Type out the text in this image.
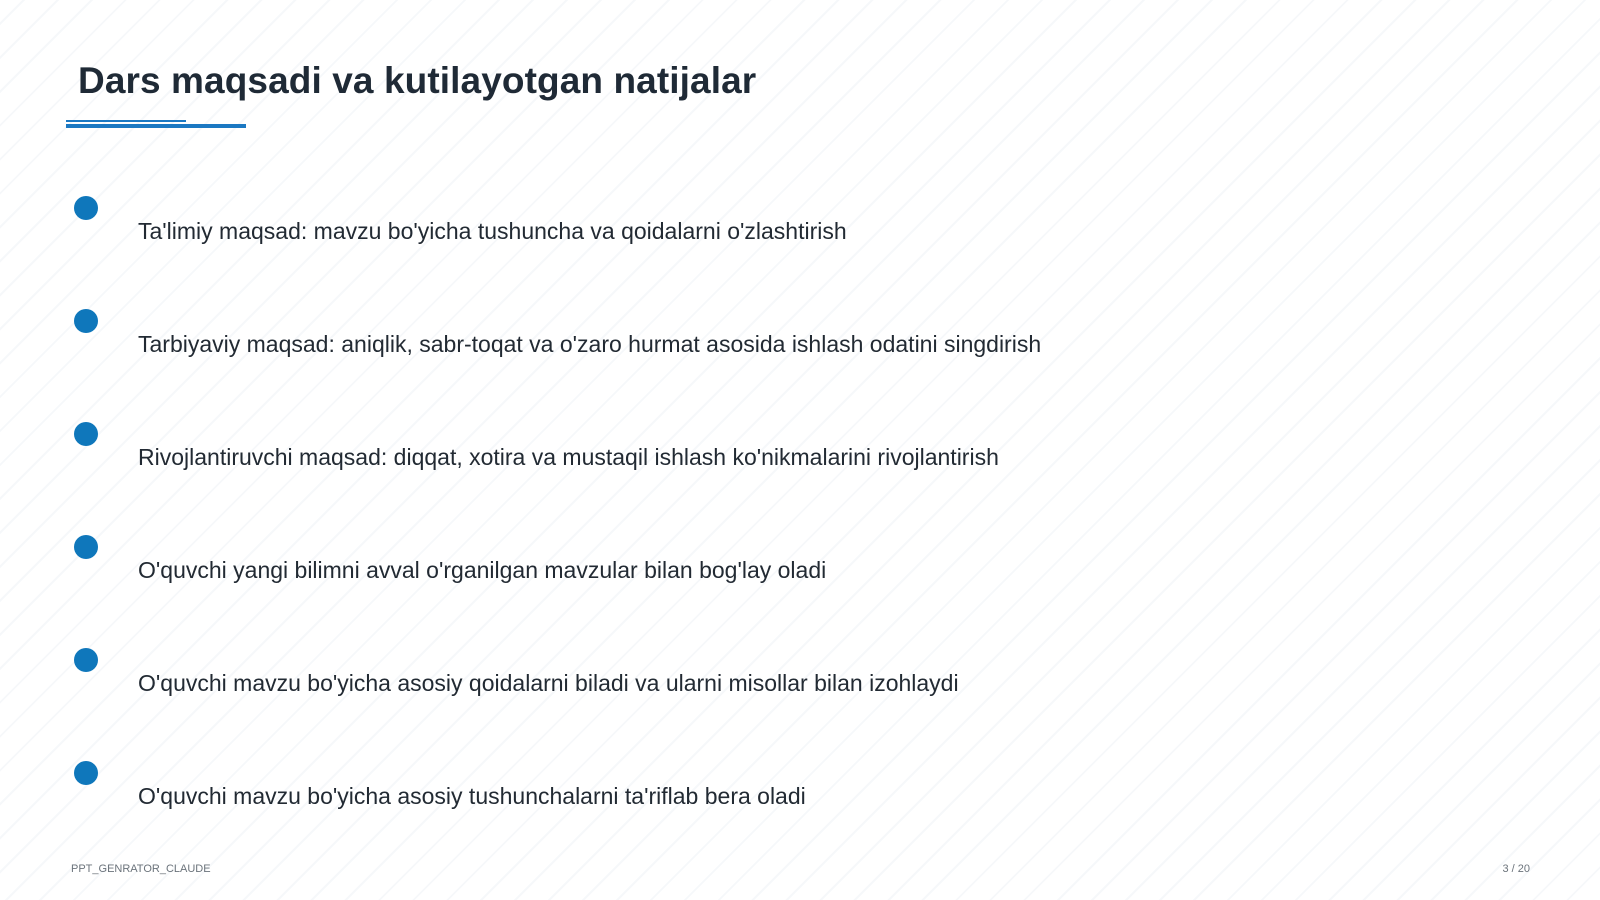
Dars maqsadi va kutilayotgan natijalar
Ta'limiy maqsad: mavzu bo'yicha tushuncha va qoidalarni o'zlashtirish
Tarbiyaviy maqsad: aniqlik, sabr-toqat va o'zaro hurmat asosida ishlash odatini singdirish
Rivojlantiruvchi maqsad: diqqat, xotira va mustaqil ishlash ko'nikmalarini rivojlantirish
O'quvchi yangi bilimni avval o'rganilgan mavzular bilan bog'lay oladi
O'quvchi mavzu bo'yicha asosiy qoidalarni biladi va ularni misollar bilan izohlaydi
O'quvchi mavzu bo'yicha asosiy tushunchalarni ta'riflab bera oladi
PPT_GENRATOR_CLAUDE	3 / 20
